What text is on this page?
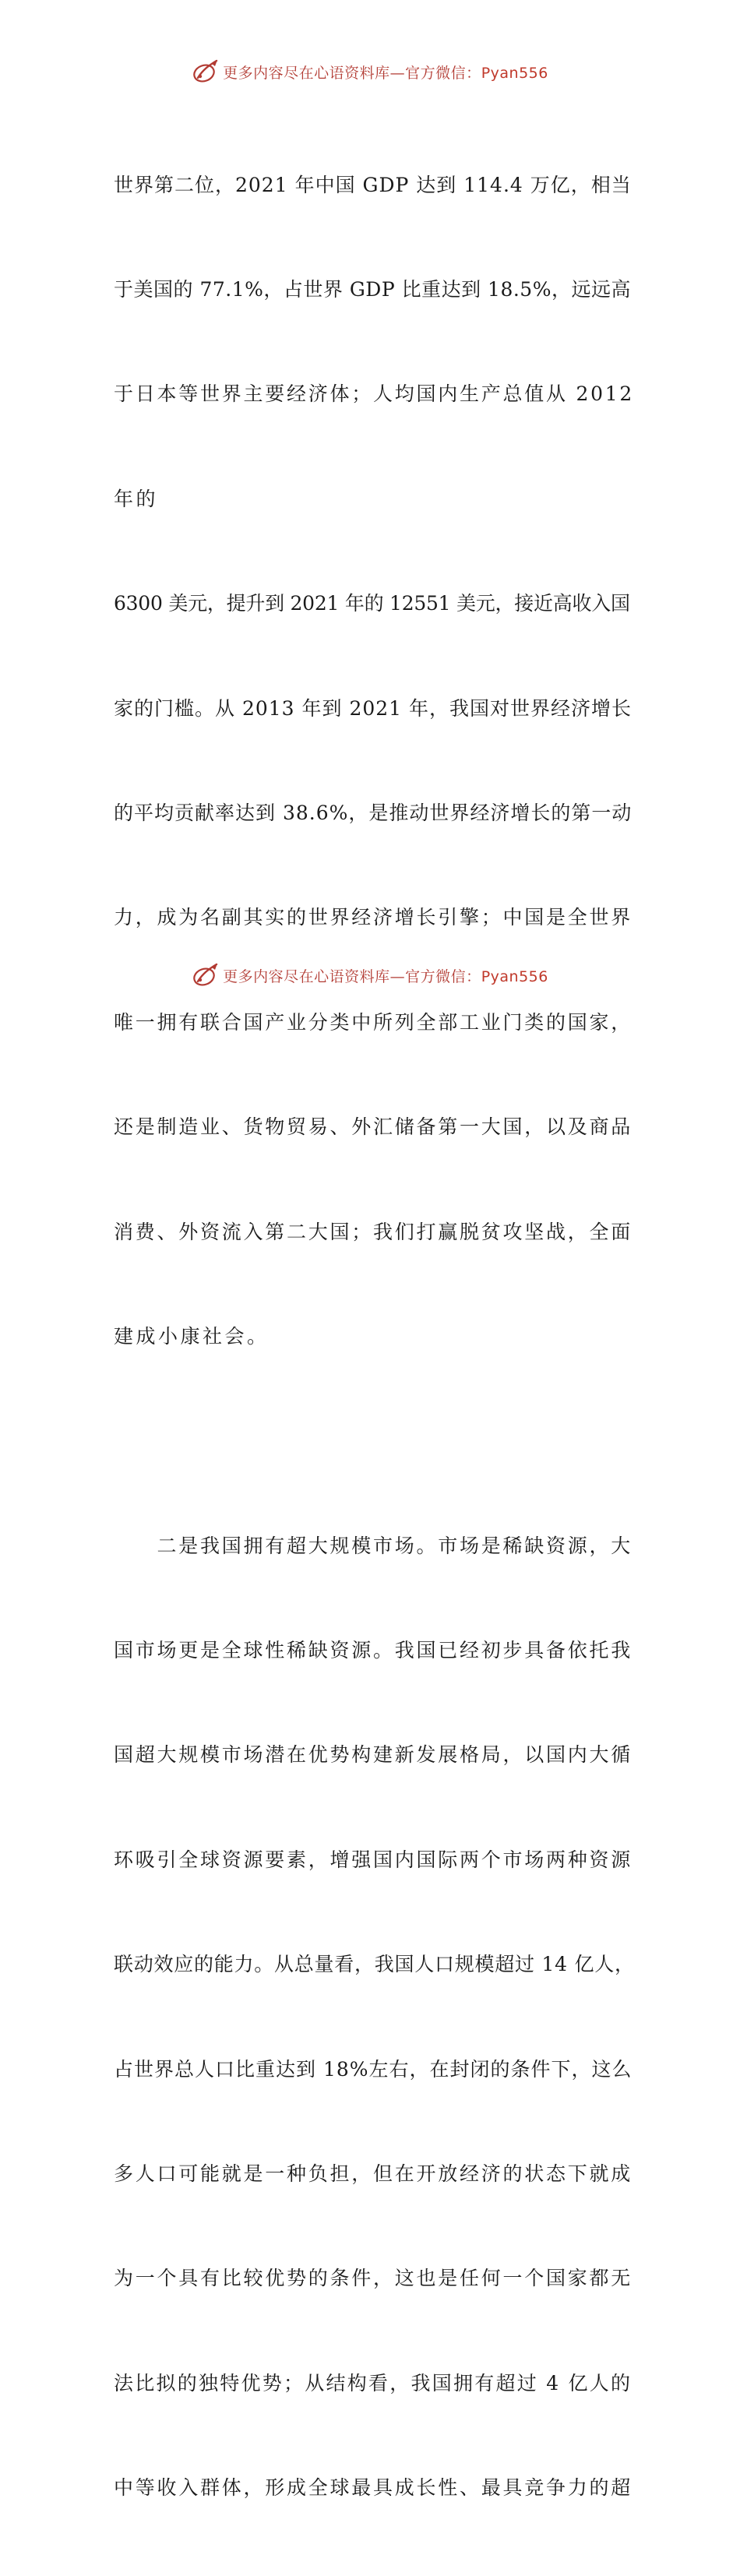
更多内容尽在心语资料库—官方微信：Pyan556

世界第二位，2021 年中国 GDP 达到 114.4 万亿，相当

于美国的 77.1%，占世界 GDP 比重达到 18.5%，远远高

于日本等世界主要经济体；人均国内生产总值从 2012

年的

6300 美元，提升到 2021 年的 12551 美元，接近高收入国

家的门槛。从 2013 年到 2021 年，我国对世界经济增长

的平均贡献率达到 38.6%，是推动世界经济增长的第一动

力，成为名副其实的世界经济增长引擎；中国是全世界

唯一拥有联合国产业分类中所列全部工业门类的国家，

还是制造业、货物贸易、外汇储备第一大国，以及商品

消费、外资流入第二大国；我们打赢脱贫攻坚战，全面

建成小康社会。

　　二是我国拥有超大规模市场。市场是稀缺资源，大

国市场更是全球性稀缺资源。我国已经初步具备依托我

国超大规模市场潜在优势构建新发展格局，以国内大循

环吸引全球资源要素，增强国内国际两个市场两种资源

联动效应的能力。从总量看，我国人口规模超过 14 亿人，

占世界总人口比重达到 18%左右，在封闭的条件下，这么

多人口可能就是一种负担，但在开放经济的状态下就成

为一个具有比较优势的条件，这也是任何一个国家都无

法比拟的独特优势；从结构看，我国拥有超过 4 亿人的

中等收入群体，形成全球最具成长性、最具竞争力的超

更多内容尽在心语资料库—官方微信：Pyan556
